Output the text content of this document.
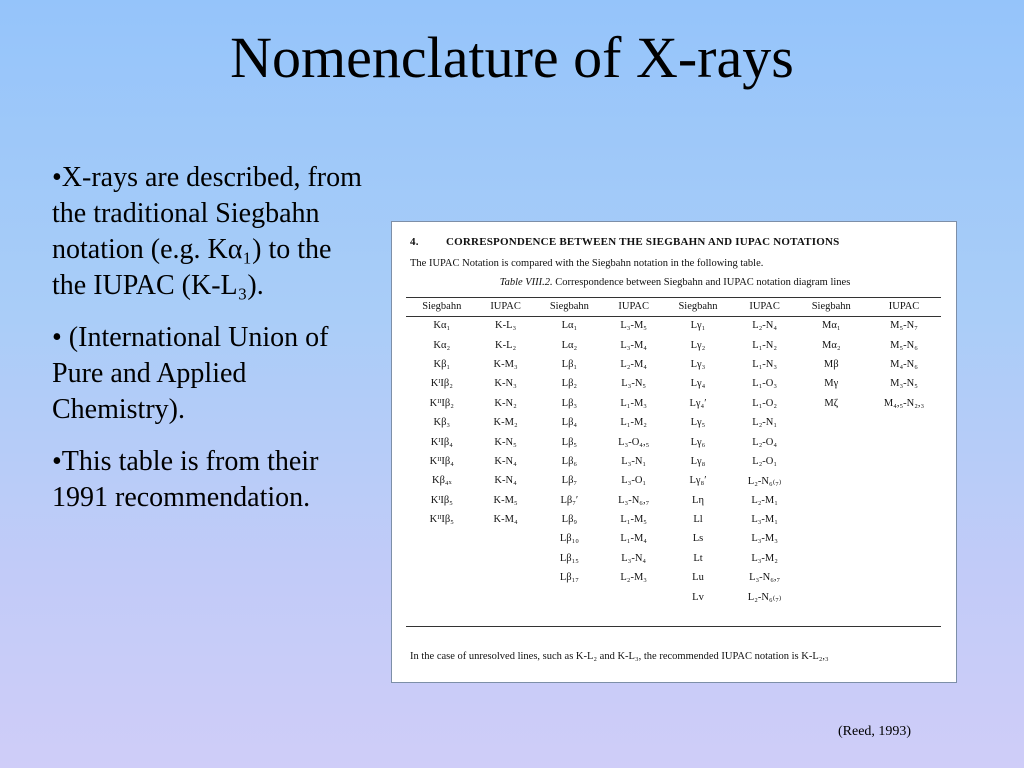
Nomenclature of X-rays

•X-rays are described, from the traditional Siegbahn notation (e.g. Kα₁) to the the IUPAC (K-L₃).

• (International Union of Pure and Applied Chemistry).

•This table is from their 1991 recommendation.

4. CORRESPONDENCE BETWEEN THE SIEGBAHN AND IUPAC NOTATIONS
The IUPAC Notation is compared with the Siegbahn notation in the following table.
Table VIII.2. Correspondence between Siegbahn and IUPAC notation diagram lines
Siegbahn	IUPAC	Siegbahn	IUPAC	Siegbahn	IUPAC	Siegbahn	IUPAC
Kα₁	K-L₃	Lα₁	L₃-M₅	Lγ₁	L₂-N₄	Mα₁	M₅-N₇
Kα₂	K-L₂	Lα₂	L₃-M₄	Lγ₂	L₁-N₂	Mα₂	M₅-N₆
Kβ₁	K-M₃	Lβ₁	L₂-M₄	Lγ₃	L₁-N₃	Mβ	M₄-N₆
KᴵIβ₂	K-N₃	Lβ₂	L₃-N₅	Lγ₄	L₁-O₃	Mγ	M₃-N₅
KᴵᴵIβ₂	K-N₂	Lβ₃	L₁-M₃	Lγ₄′	L₁-O₂	Mζ	M₄,₅-N₂,₃
Kβ₃	K-M₂	Lβ₄	L₁-M₂	Lγ₅	L₂-N₁		
KᴵIβ₄	K-N₅	Lβ₅	L₃-O₄,₅	Lγ₆	L₂-O₄		
KᴵᴵIβ₄	K-N₄	Lβ₆	L₃-N₁	Lγ₈	L₂-O₁		
Kβ₄ₓ	K-N₄	Lβ₇	L₃-O₁	Lγ₈′	L₂-N₆₍₇₎		
KᴵIβ₅	K-M₅	Lβ₇′	L₃-N₆,₇	Lη	L₂-M₁		
KᴵᴵIβ₅	K-M₄	Lβ₉	L₁-M₅	Ll	L₃-M₁		
		Lβ₁₀	L₁-M₄	Ls	L₃-M₃		
		Lβ₁₅	L₃-N₄	Lt	L₃-M₂		
		Lβ₁₇	L₂-M₃	Lu	L₃-N₆,₇		
				Lv	L₂-N₆₍₇₎		
In the case of unresolved lines, such as K-L₂ and K-L₃, the recommended IUPAC notation is K-L₂,₃
(Reed, 1993)
